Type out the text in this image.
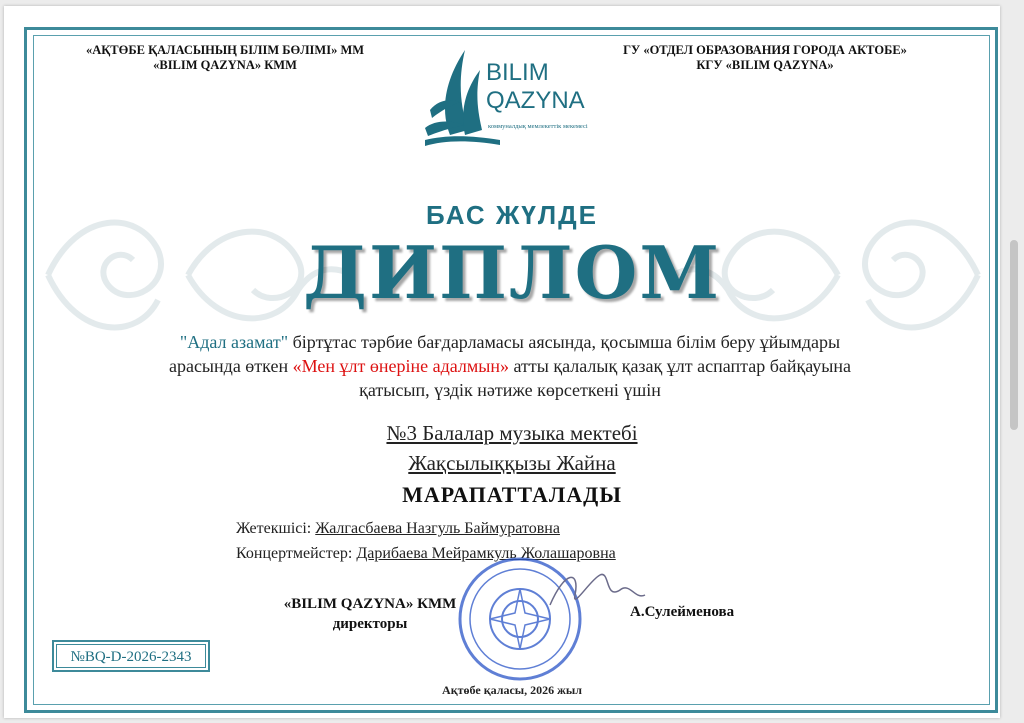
«АҚТӨБЕ ҚАЛАСЫНЫҢ БІЛІМ БӨЛІМІ» ММ
«BILIM QAZYNA» КММ
ГУ «ОТДЕЛ ОБРАЗОВАНИЯ ГОРОДА АКТОБЕ»
КГУ «BILIM QAZYNA»
BILIM
QAZYNA
коммуналдық мемлекеттік мекемесі
БАС ЖҮЛДЕ
ДИПЛОМ
"Адал азамат" біртұтас тәрбие бағдарламасы аясында, қосымша білім беру ұйымдары арасында өткен «Мен ұлт өнеріне адалмын» атты қалалық қазақ ұлт аспаптар байқауына қатысып, үздік нәтиже көрсеткені үшін
№3 Балалар музыка мектебі
Жақсылыққызы Жайна
МАРАПАТТАЛАДЫ
Жетекшісі: Жалгасбаева Назгуль Баймуратовна
Концертмейстер: Дарибаева Мейрамкуль Жолашаровна
«BILIM QAZYNA» КММ
директоры
А.Сулейменова
№BQ-D-2026-2343
Ақтөбе қаласы, 2026 жыл
